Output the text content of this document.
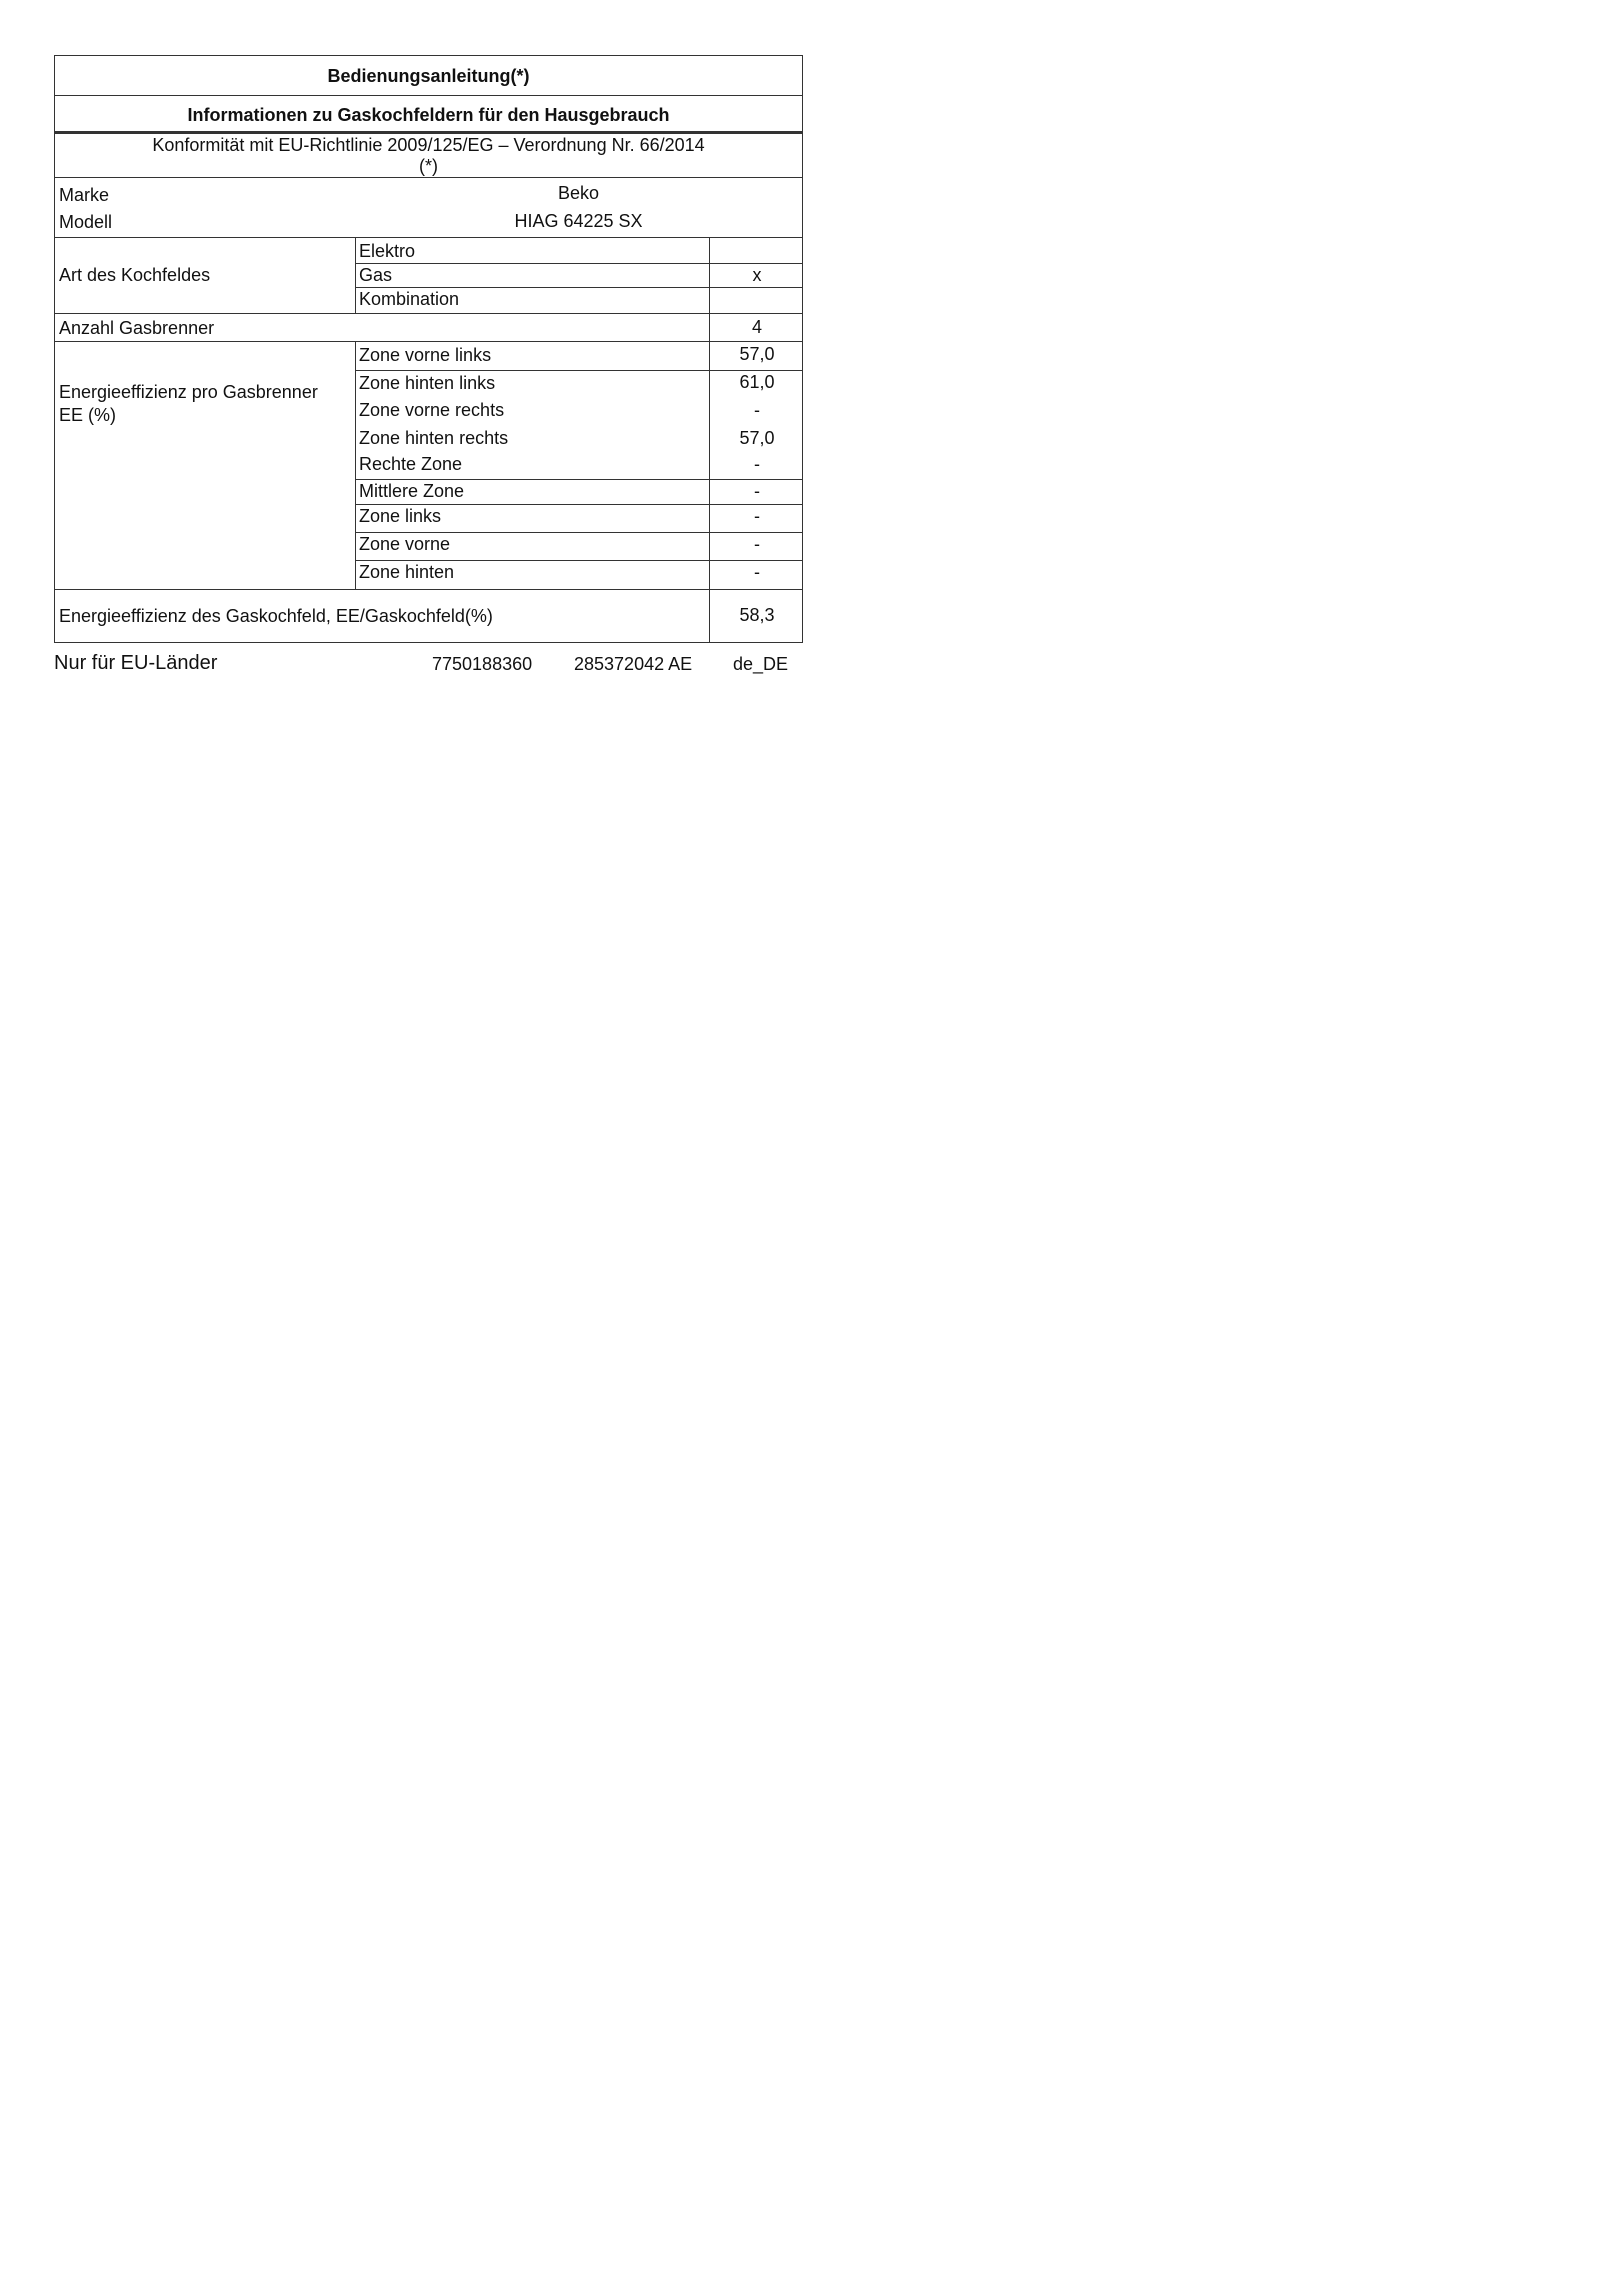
Bedienungsanleitung(*)
Informationen zu Gaskochfeldern für den Hausgebrauch
Konformität mit EU-Richtlinie 2009/125/EG – Verordnung Nr. 66/2014
(*)
Marke	Beko
Modell	HIAG 64225 SX
Art des Kochfeldes
Elektro
Gas	x
Kombination
Anzahl Gasbrenner	4
Energieeffizienz pro Gasbrenner
EE (%)
Zone vorne links	57,0
Zone hinten links	61,0
Zone vorne rechts	-
Zone hinten rechts	57,0
Rechte Zone	-
Mittlere Zone	-
Zone links	-
Zone vorne	-
Zone hinten	-
Energieeffizienz des Gaskochfeld, EE/Gaskochfeld(%)	58,3
Nur für EU-Länder	7750188360 285372042 AE de_DE
